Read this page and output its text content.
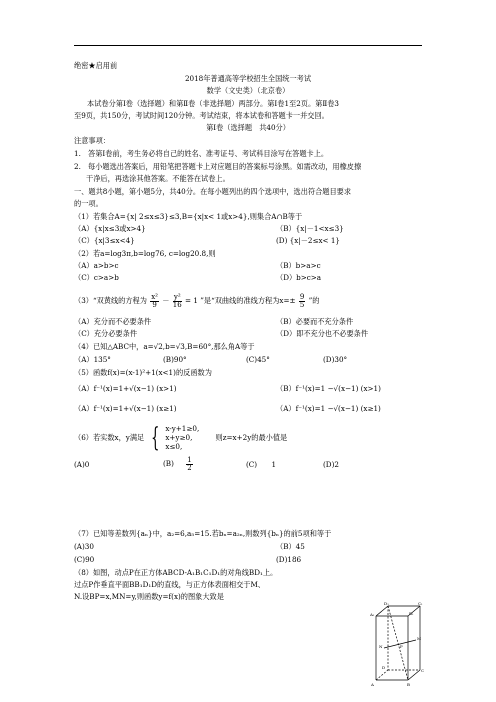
绝密★启用前
2018年普通高等学校招生全国统一考试
数学（文史类）（北京卷）
本试卷分第Ⅰ卷（选择题）和第Ⅱ卷（非选择题）两部分。第Ⅰ卷1至2页。第Ⅱ卷3
至9页，共150分，考试时间120分钟。考试结束，将本试卷和答题卡一并交回。
第Ⅰ卷（选择题　共40分）
注意事项：
1.　答第Ⅰ卷前，考生务必将自己的姓名、准考证号、考试科目涂写在答题卡上。
2.　每小题选出答案后，用铅笔把答题卡上对应题目的答案标号涂黑。如需改动，用橡皮擦
干净后，再选涂其他答案。不能答在试卷上。
一、题共8小题，第小题5分，共40分。在每小题列出的四个选项中，选出符合题目要求
的一项。
（1）若集合A={x| 2≤x≤3}≤3,B={x|x< 1或x>4},则集合A∩B等于
（A）{x|x≤3或x>4}	（B）{x|－1<x≤3}
（C）{x|3≤x<4}	(D) {x|－2≤x< 1}
（2）若a=log3π,b=log76, c=log20.8,则
（A）a>b>c	（B）b>a>c
（C）c>a>b	（D）b>c>a
（3）“双黄线的方程为 $\frac{\text{x²}}{9} - \frac{\text{y²}}{16} = 1$ ”是“双曲线的准线方程为$x=\pm \frac{9}{5}$ ”的
（A）充分而不必要条件	（B）必要而不充分条件
（C）充分必要条件	（D）即不充分也不必要条件
（4）已知△ABC中，a=√2,b=√3,B=60°,那么角A等于
（A）135°	(B)90°	(C)45°	(D)30°
（5）函数f(x)=(x-1)²+1(x<1)的反函数为
（A）f⁻¹(x)=1+√(x−1) (x>1)	（B）f⁻¹(x)=1 −√(x−1) (x>1)
（A）f⁻¹(x)=1+√(x−1) (x≥1)	（A）f⁻¹(x)=1 −√(x−1) (x≥1)
（6）若实数x，y满足 { x-y+1≥0,
x+y≥0,
x≤0,
则z=x+2y的最小值是
(A)0	$(B) \frac{1}{2}$	(C)　　1	(D)2
（7）已知等差数列{aₙ}中，a₂=6,a₅=15.若bₙ=a₂ₙ,则数列{bₙ}的前5项和等于
(A)30	（B）45
(C)90	(D)186
（8）如图，动点P在正方体ABCD-A₁B₁C₁D₁的对角线BD₁上。
过点P作垂直平面BB₁D₁D的直线，与正方体表面相交于M、
N.设BP=x,MN=y,则函数y=f(x)的图象大致是
D₁	C₁
A₁	B₁
D
C
A	B
N
M
P
